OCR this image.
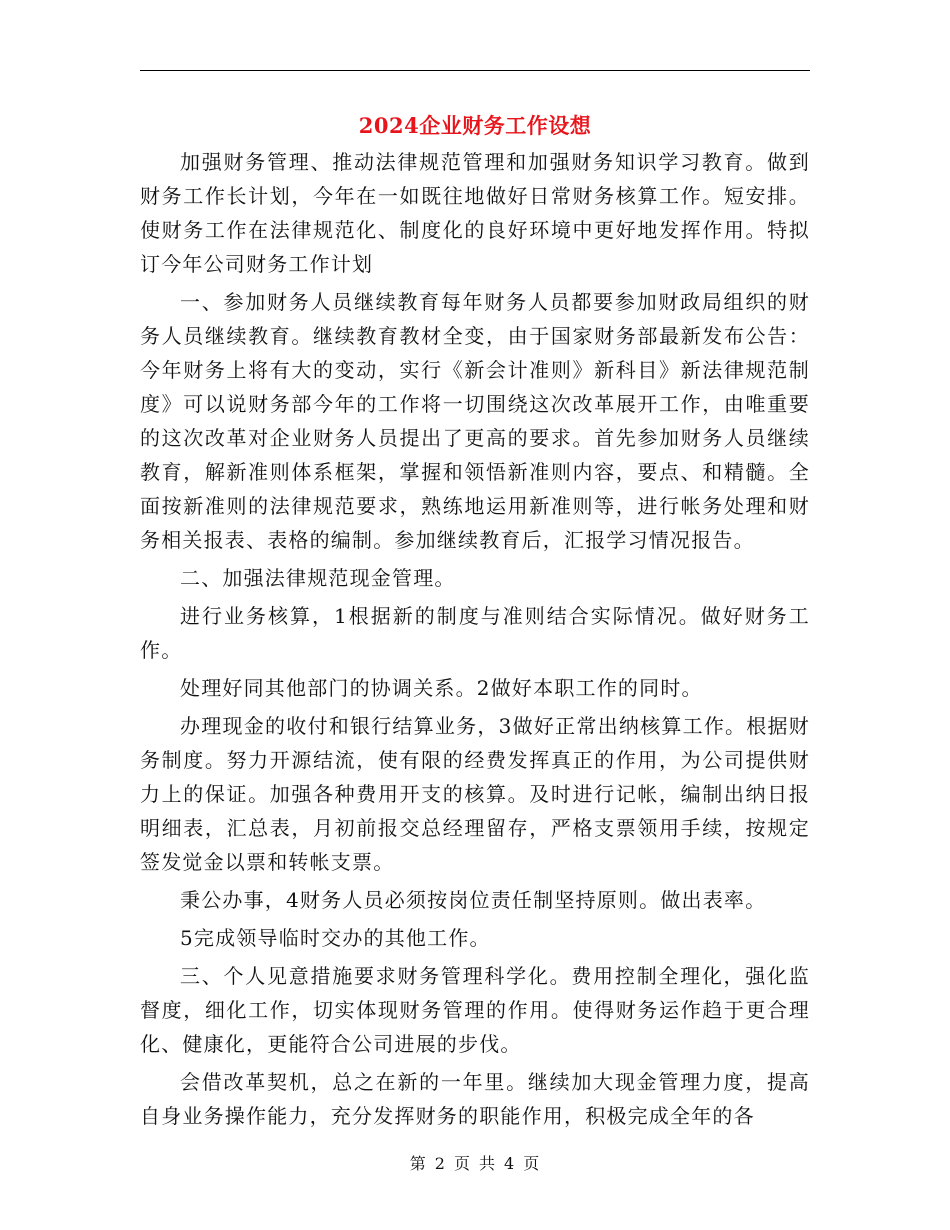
2024企业财务工作设想

加强财务管理、推动法律规范管理和加强财务知识学习教育。做到财务工作长计划，今年在一如既往地做好日常财务核算工作。短安排。使财务工作在法律规范化、制度化的良好环境中更好地发挥作用。特拟订今年公司财务工作计划

一、参加财务人员继续教育每年财务人员都要参加财政局组织的财务人员继续教育。继续教育教材全变，由于国家财务部最新发布公告：今年财务上将有大的变动，实行《新会计准则》新科目》新法律规范制度》可以说财务部今年的工作将一切围绕这次改革展开工作，由唯重要的这次改革对企业财务人员提出了更高的要求。首先参加财务人员继续教育，解新准则体系框架，掌握和领悟新准则内容，要点、和精髓。全面按新准则的法律规范要求，熟练地运用新准则等，进行帐务处理和财务相关报表、表格的编制。参加继续教育后，汇报学习情况报告。

二、加强法律规范现金管理。

进行业务核算，1根据新的制度与准则结合实际情况。做好财务工作。

处理好同其他部门的协调关系。2做好本职工作的同时。

办理现金的收付和银行结算业务，3做好正常出纳核算工作。根据财务制度。努力开源结流，使有限的经费发挥真正的作用，为公司提供财力上的保证。加强各种费用开支的核算。及时进行记帐，编制出纳日报明细表，汇总表，月初前报交总经理留存，严格支票领用手续，按规定签发觉金以票和转帐支票。

秉公办事，4财务人员必须按岗位责任制坚持原则。做出表率。

5完成领导临时交办的其他工作。

三、个人见意措施要求财务管理科学化。费用控制全理化，强化监督度，细化工作，切实体现财务管理的作用。使得财务运作趋于更合理化、健康化，更能符合公司进展的步伐。

会借改革契机，总之在新的一年里。继续加大现金管理力度，提高自身业务操作能力，充分发挥财务的职能作用，积极完成全年的各

第 2 页 共 4 页
